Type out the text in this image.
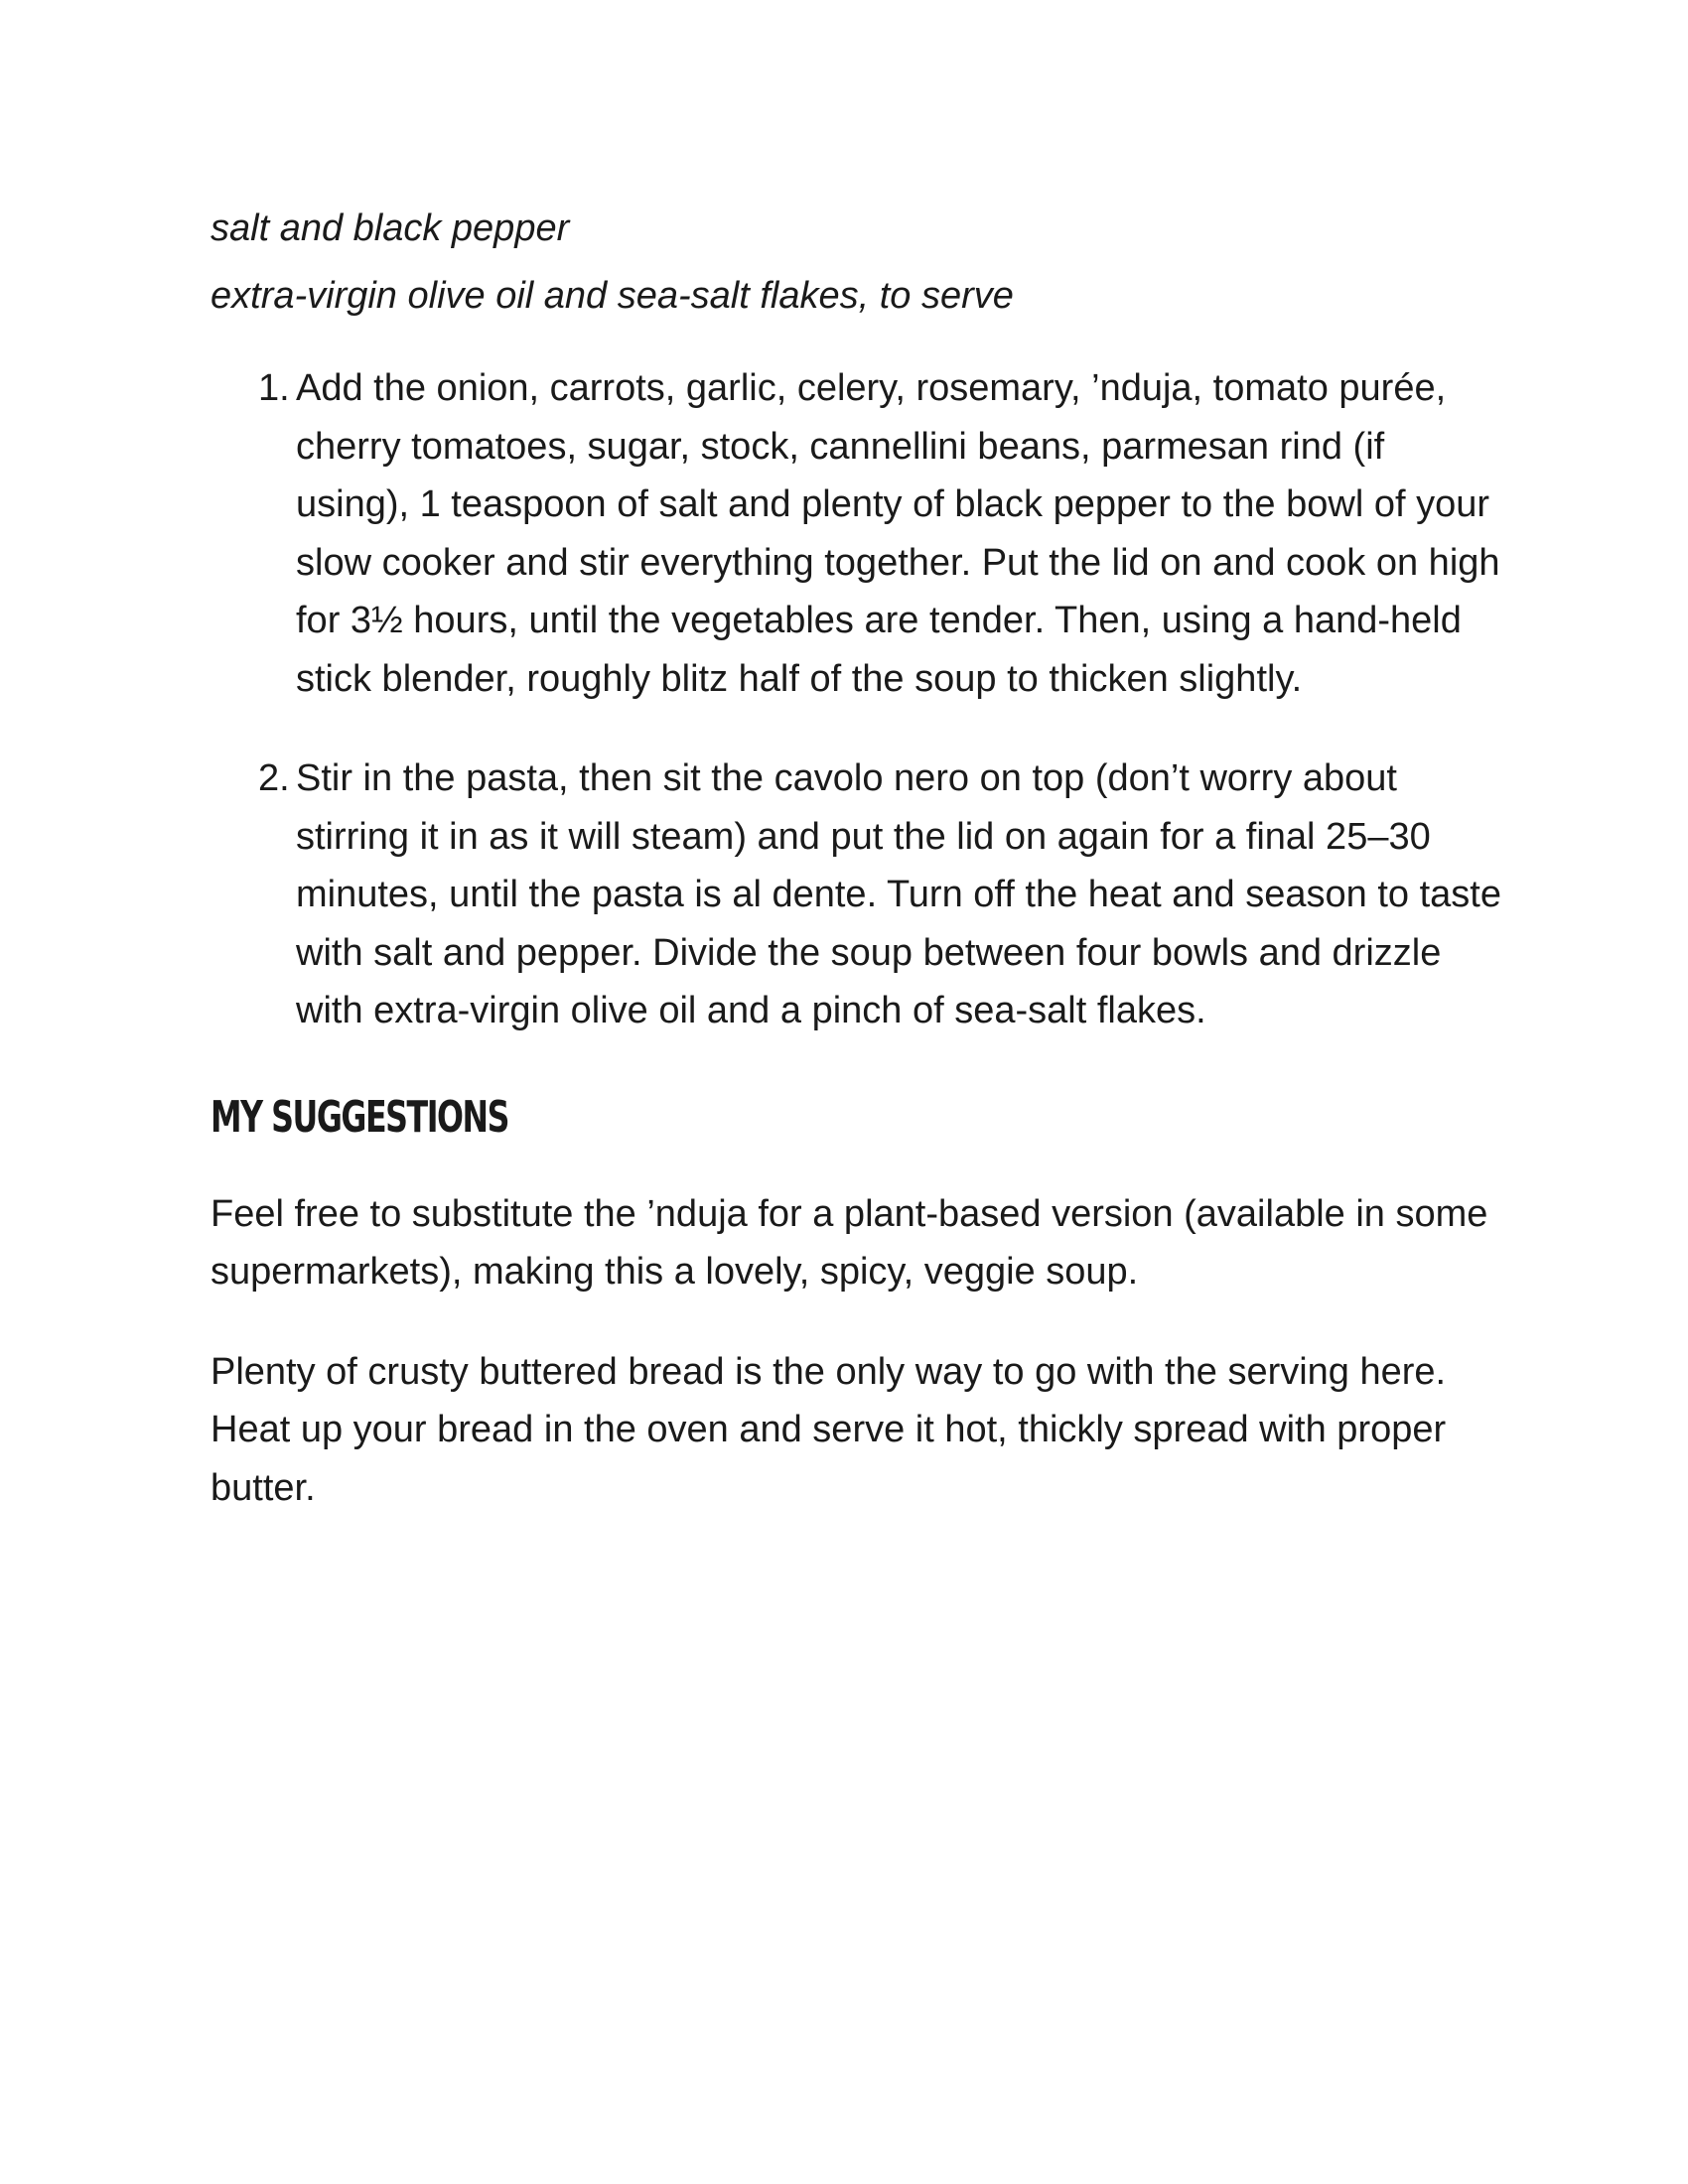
salt and black pepper

extra-virgin olive oil and sea-salt flakes, to serve

1. Add the onion, carrots, garlic, celery, rosemary, ’nduja, tomato purée, cherry tomatoes, sugar, stock, cannellini beans, parmesan rind (if using), 1 teaspoon of salt and plenty of black pepper to the bowl of your slow cooker and stir everything together. Put the lid on and cook on high for 3½ hours, until the vegetables are tender. Then, using a hand-held stick blender, roughly blitz half of the soup to thicken slightly.
2. Stir in the pasta, then sit the cavolo nero on top (don’t worry about stirring it in as it will steam) and put the lid on again for a final 25–30 minutes, until the pasta is al dente. Turn off the heat and season to taste with salt and pepper. Divide the soup between four bowls and drizzle with extra-virgin olive oil and a pinch of sea-salt flakes.
MY SUGGESTIONS

Feel free to substitute the ’nduja for a plant-based version (available in some supermarkets), making this a lovely, spicy, veggie soup.

Plenty of crusty buttered bread is the only way to go with the serving here. Heat up your bread in the oven and serve it hot, thickly spread with proper butter.
